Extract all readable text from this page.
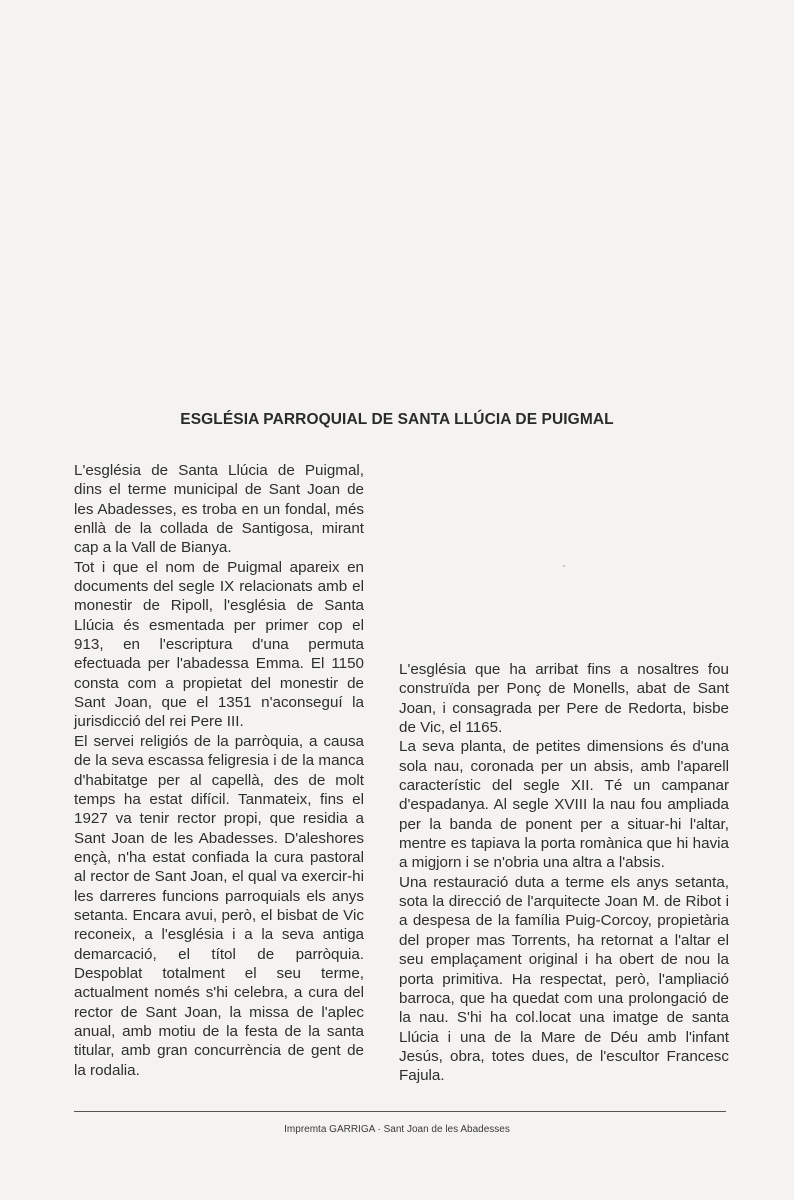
ESGLÉSIA PARROQUIAL DE SANTA LLÚCIA DE PUIGMAL

L'església de Santa Llúcia de Puigmal, dins el terme municipal de Sant Joan de les Abadesses, es troba en un fondal, més enllà de la collada de Santigosa, mirant cap a la Vall de Bianya.

Tot i que el nom de Puigmal apareix en documents del segle IX relacionats amb el monestir de Ripoll, l'església de Santa Llúcia és esmentada per primer cop el 913, en l'escriptura d'una permuta efectuada per l'abadessa Emma. El 1150 consta com a propietat del monestir de Sant Joan, que el 1351 n'aconseguí la jurisdicció del rei Pere III.

El servei religiós de la parròquia, a causa de la seva escassa feligresia i de la manca d'habitatge per al capellà, des de molt temps ha estat difícil. Tanmateix, fins el 1927 va tenir rector propi, que residia a Sant Joan de les Abadesses. D'aleshores ençà, n'ha estat confiada la cura pastoral al rector de Sant Joan, el qual va exercir-hi les darreres funcions parroquials els anys setanta. Encara avui, però, el bisbat de Vic reconeix, a l'església i a la seva antiga demarcació, el títol de parròquia. Despoblat totalment el seu terme, actualment només s'hi celebra, a cura del rector de Sant Joan, la missa de l'aplec anual, amb motiu de la festa de la santa titular, amb gran concurrència de gent de la rodalia.

L'església que ha arribat fins a nosaltres fou construïda per Ponç de Monells, abat de Sant Joan, i consagrada per Pere de Redorta, bisbe de Vic, el 1165.

La seva planta, de petites dimensions és d'una sola nau, coronada per un absis, amb l'aparell característic del segle XII. Té un campanar d'espadanya. Al segle XVIII la nau fou ampliada per la banda de ponent per a situar-hi l'altar, mentre es tapiava la porta romànica que hi havia a migjorn i se n'obria una altra a l'absis.

Una restauració duta a terme els anys setanta, sota la direcció de l'arquitecte Joan M. de Ribot i a despesa de la família Puig-Corcoy, propietària del proper mas Torrents, ha retornat a l'altar el seu emplaçament original i ha obert de nou la porta primitiva. Ha respectat, però, l'ampliació barroca, que ha quedat com una prolongació de la nau. S'hi ha col.locat una imatge de santa Llúcia i una de la Mare de Déu amb l'infant Jesús, obra, totes dues, de l'escultor Francesc Fajula.

Impremta GARRIGA · Sant Joan de les Abadesses
